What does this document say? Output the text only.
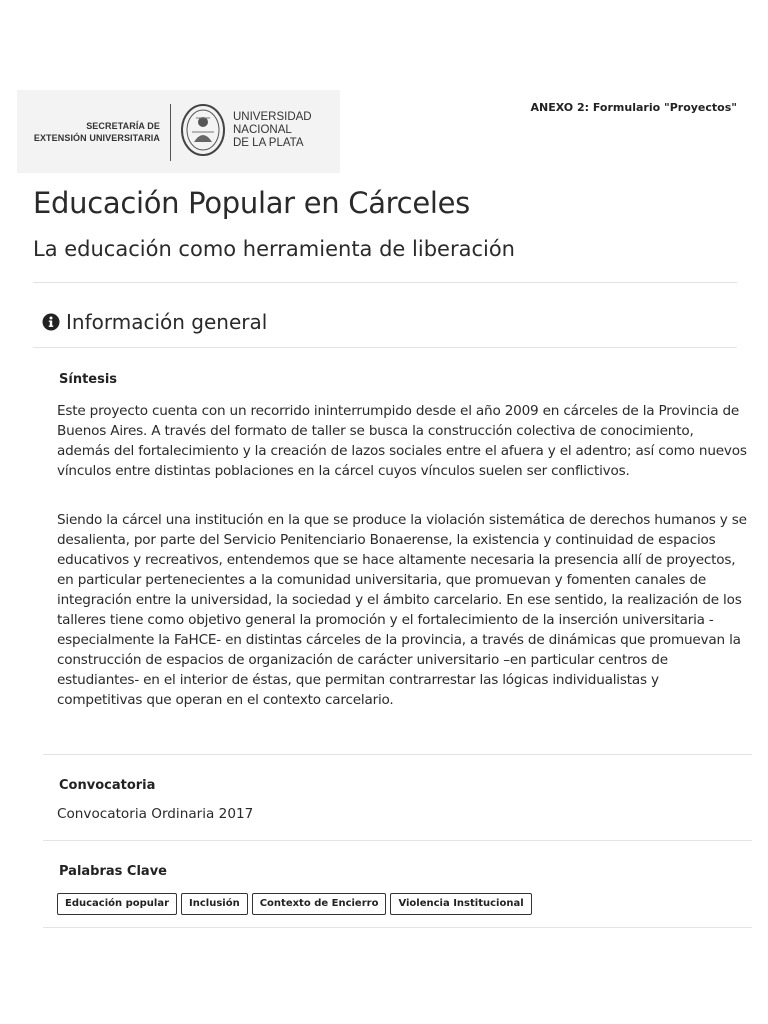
SECRETARÍA DE
EXTENSIÓN UNIVERSITARIA
UNIVERSIDAD
NACIONAL
DE LA PLATA
ANEXO 2: Formulario "Proyectos"
Educación Popular en Cárceles
La educación como herramienta de liberación
Información general
Síntesis

Este proyecto cuenta con un recorrido ininterrumpido desde el año 2009 en cárceles de la Provincia de Buenos Aires. A través del formato de taller se busca la construcción colectiva de conocimiento, además del fortalecimiento y la creación de lazos sociales entre el afuera y el adentro; así como nuevos vínculos entre distintas poblaciones en la cárcel cuyos vínculos suelen ser conflictivos.

Siendo la cárcel una institución en la que se produce la violación sistemática de derechos humanos y se desalienta, por parte del Servicio Penitenciario Bonaerense, la existencia y continuidad de espacios educativos y recreativos, entendemos que se hace altamente necesaria la presencia allí de proyectos, en particular pertenecientes a la comunidad universitaria, que promuevan y fomenten canales de integración entre la universidad, la sociedad y el ámbito carcelario. En ese sentido, la realización de los talleres tiene como objetivo general la promoción y el fortalecimiento de la inserción universitaria -especialmente la FaHCE- en distintas cárceles de la provincia, a través de dinámicas que promuevan la construcción de espacios de organización de carácter universitario –en particular centros de estudiantes- en el interior de éstas, que permitan contrarrestar las lógicas individualistas y competitivas que operan en el contexto carcelario.

Convocatoria
Convocatoria Ordinaria 2017
Palabras Clave
Educación popular	Inclusión	Contexto de Encierro	Violencia Institucional
